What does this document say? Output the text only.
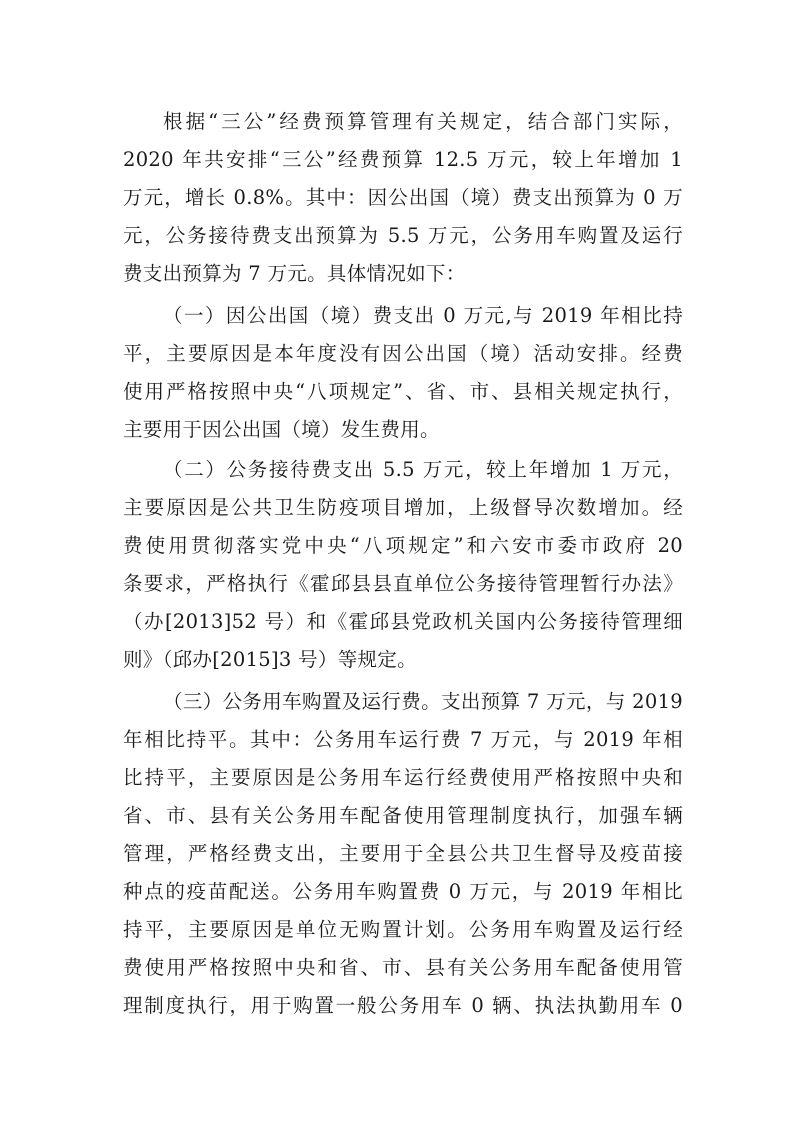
根据“三公”经费预算管理有关规定，结合部门实际，
2020 年共安排“三公”经费预算 12.5 万元，较上年增加 1
万元，增长 0.8%。其中：因公出国（境）费支出预算为 0 万
元，公务接待费支出预算为 5.5 万元，公务用车购置及运行
费支出预算为 7 万元。具体情况如下：
（一）因公出国（境）费支出 0 万元,与 2019 年相比持
平，主要原因是本年度没有因公出国（境）活动安排。经费
使用严格按照中央“八项规定”、省、市、县相关规定执行，
主要用于因公出国（境）发生费用。
（二）公务接待费支出 5.5 万元，较上年增加 1 万元，
主要原因是公共卫生防疫项目增加，上级督导次数增加。经
费使用贯彻落实党中央“八项规定”和六安市委市政府 20
条要求，严格执行《霍邱县县直单位公务接待管理暂行办法》
（办[2013]52 号）和《霍邱县党政机关国内公务接待管理细
则》（邱办[2015]3 号）等规定。
（三）公务用车购置及运行费。支出预算 7 万元，与 2019
年相比持平。其中：公务用车运行费 7 万元，与 2019 年相
比持平，主要原因是公务用车运行经费使用严格按照中央和
省、市、县有关公务用车配备使用管理制度执行，加强车辆
管理，严格经费支出，主要用于全县公共卫生督导及疫苗接
种点的疫苗配送。公务用车购置费 0 万元，与 2019 年相比
持平，主要原因是单位无购置计划。公务用车购置及运行经
费使用严格按照中央和省、市、县有关公务用车配备使用管
理制度执行，用于购置一般公务用车 0 辆、执法执勤用车 0
